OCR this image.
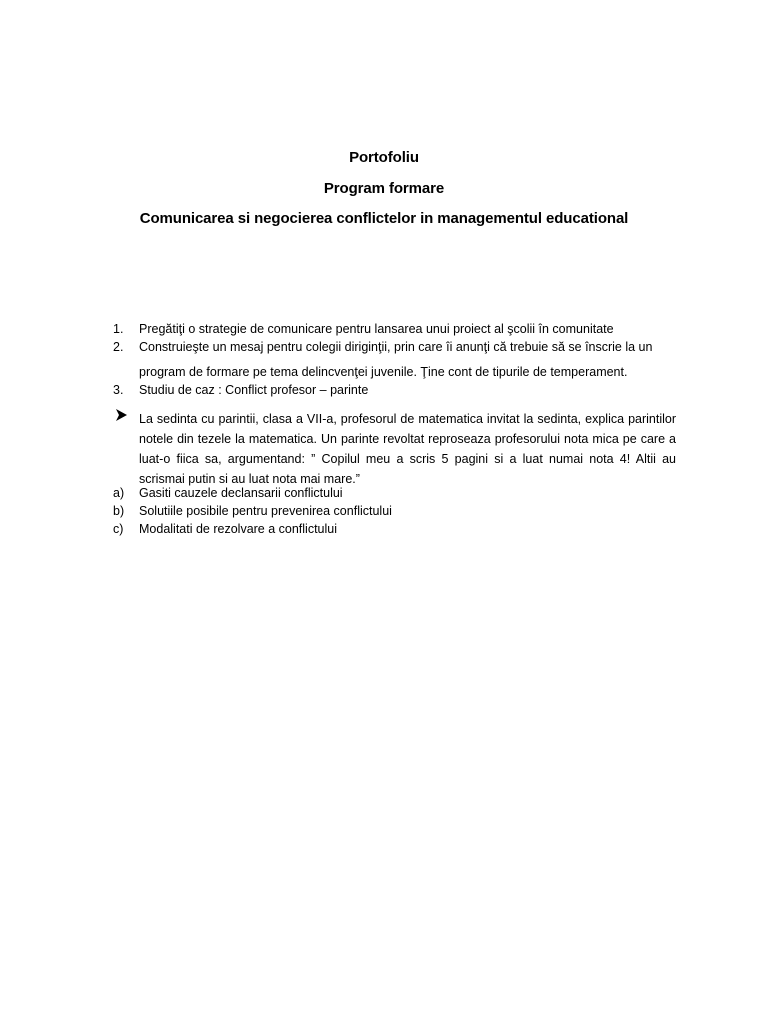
Portofoliu
Program formare
Comunicarea si negocierea conflictelor in managementul educational
1.	Pregătiţi o strategie de comunicare pentru lansarea unui proiect al şcolii în comunitate
2.	Construieşte un mesaj pentru colegii diriginţii, prin care îi anunţi că trebuie să se înscrie la un
program de formare pe tema delincvenţei juvenile. Ţine cont de tipurile de temperament.
3.	Studiu de caz : Conflict profesor – parinte
La sedinta cu parintii, clasa a VII-a, profesorul de matematica invitat la sedinta, explica parintilor
notele din tezele la matematica. Un parinte revoltat reproseaza profesorului nota mica pe care a
luat-o fiica sa, argumentand: ” Copilul meu a scris 5 pagini si a luat numai nota 4! Altii au
scrismai putin si au luat nota mai mare.”
a)	Gasiti cauzele declansarii conflictului
b)	Solutiile posibile pentru prevenirea conflictului
c)	Modalitati de rezolvare a conflictului
